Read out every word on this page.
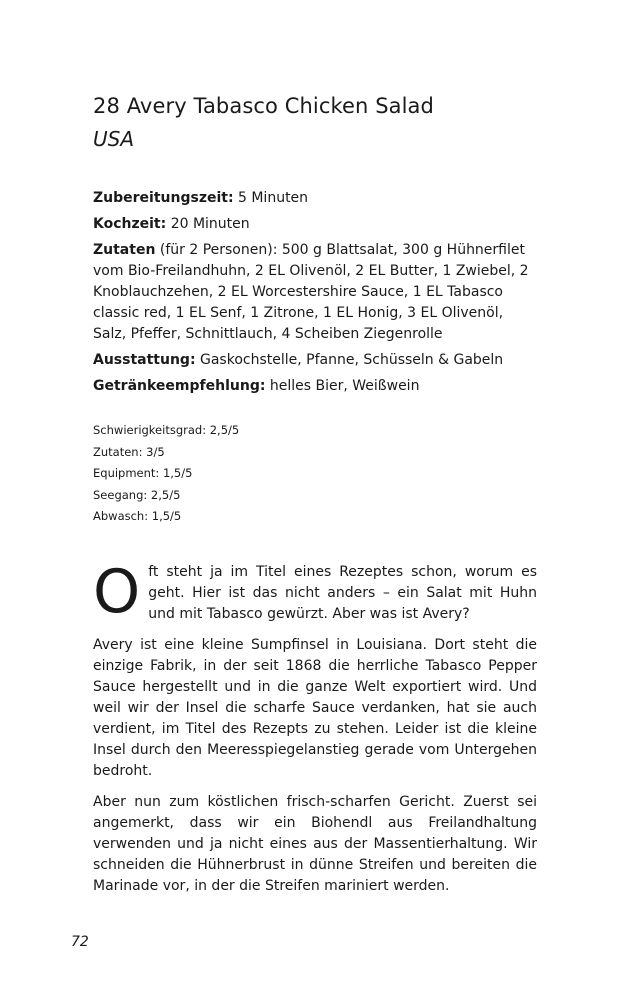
28 Avery Tabasco Chicken Salad
USA

Zubereitungszeit: 5 Minuten

Kochzeit: 20 Minuten

Zutaten (für 2 Personen): 500 g Blattsalat, 300 g Hühnerfilet vom Bio-Freilandhuhn, 2 EL Olivenöl, 2 EL Butter, 1 Zwiebel, 2 Knoblauchzehen, 2 EL Worcestershire Sauce, 1 EL Tabasco classic red, 1 EL Senf, 1 Zitrone, 1 EL Honig, 3 EL Olivenöl, Salz, Pfeffer, Schnittlauch, 4 Scheiben Ziegenrolle

Ausstattung: Gaskochstelle, Pfanne, Schüsseln & Gabeln

Getränkeempfehlung: helles Bier, Weißwein

Schwierigkeitsgrad: 2,5/5
Zutaten: 3/5
Equipment: 1,5/5
Seegang: 2,5/5
Abwasch: 1,5/5

Oft steht ja im Titel eines Rezeptes schon, worum es geht. Hier ist das nicht anders – ein Salat mit Huhn und mit Tabasco gewürzt. Aber was ist Avery?

Avery ist eine kleine Sumpfinsel in Louisiana. Dort steht die einzige Fabrik, in der seit 1868 die herrliche Tabasco Pepper Sauce hergestellt und in die ganze Welt exportiert wird. Und weil wir der Insel die scharfe Sauce verdanken, hat sie auch verdient, im Titel des Rezepts zu stehen. Leider ist die kleine Insel durch den Meeresspiegelanstieg gerade vom Untergehen bedroht.

Aber nun zum köstlichen frisch-scharfen Gericht. Zuerst sei angemerkt, dass wir ein Biohendl aus Freilandhaltung verwenden und ja nicht eines aus der Massentierhaltung. Wir schneiden die Hühnerbrust in dünne Streifen und bereiten die Marinade vor, in der die Streifen mariniert werden.

72
